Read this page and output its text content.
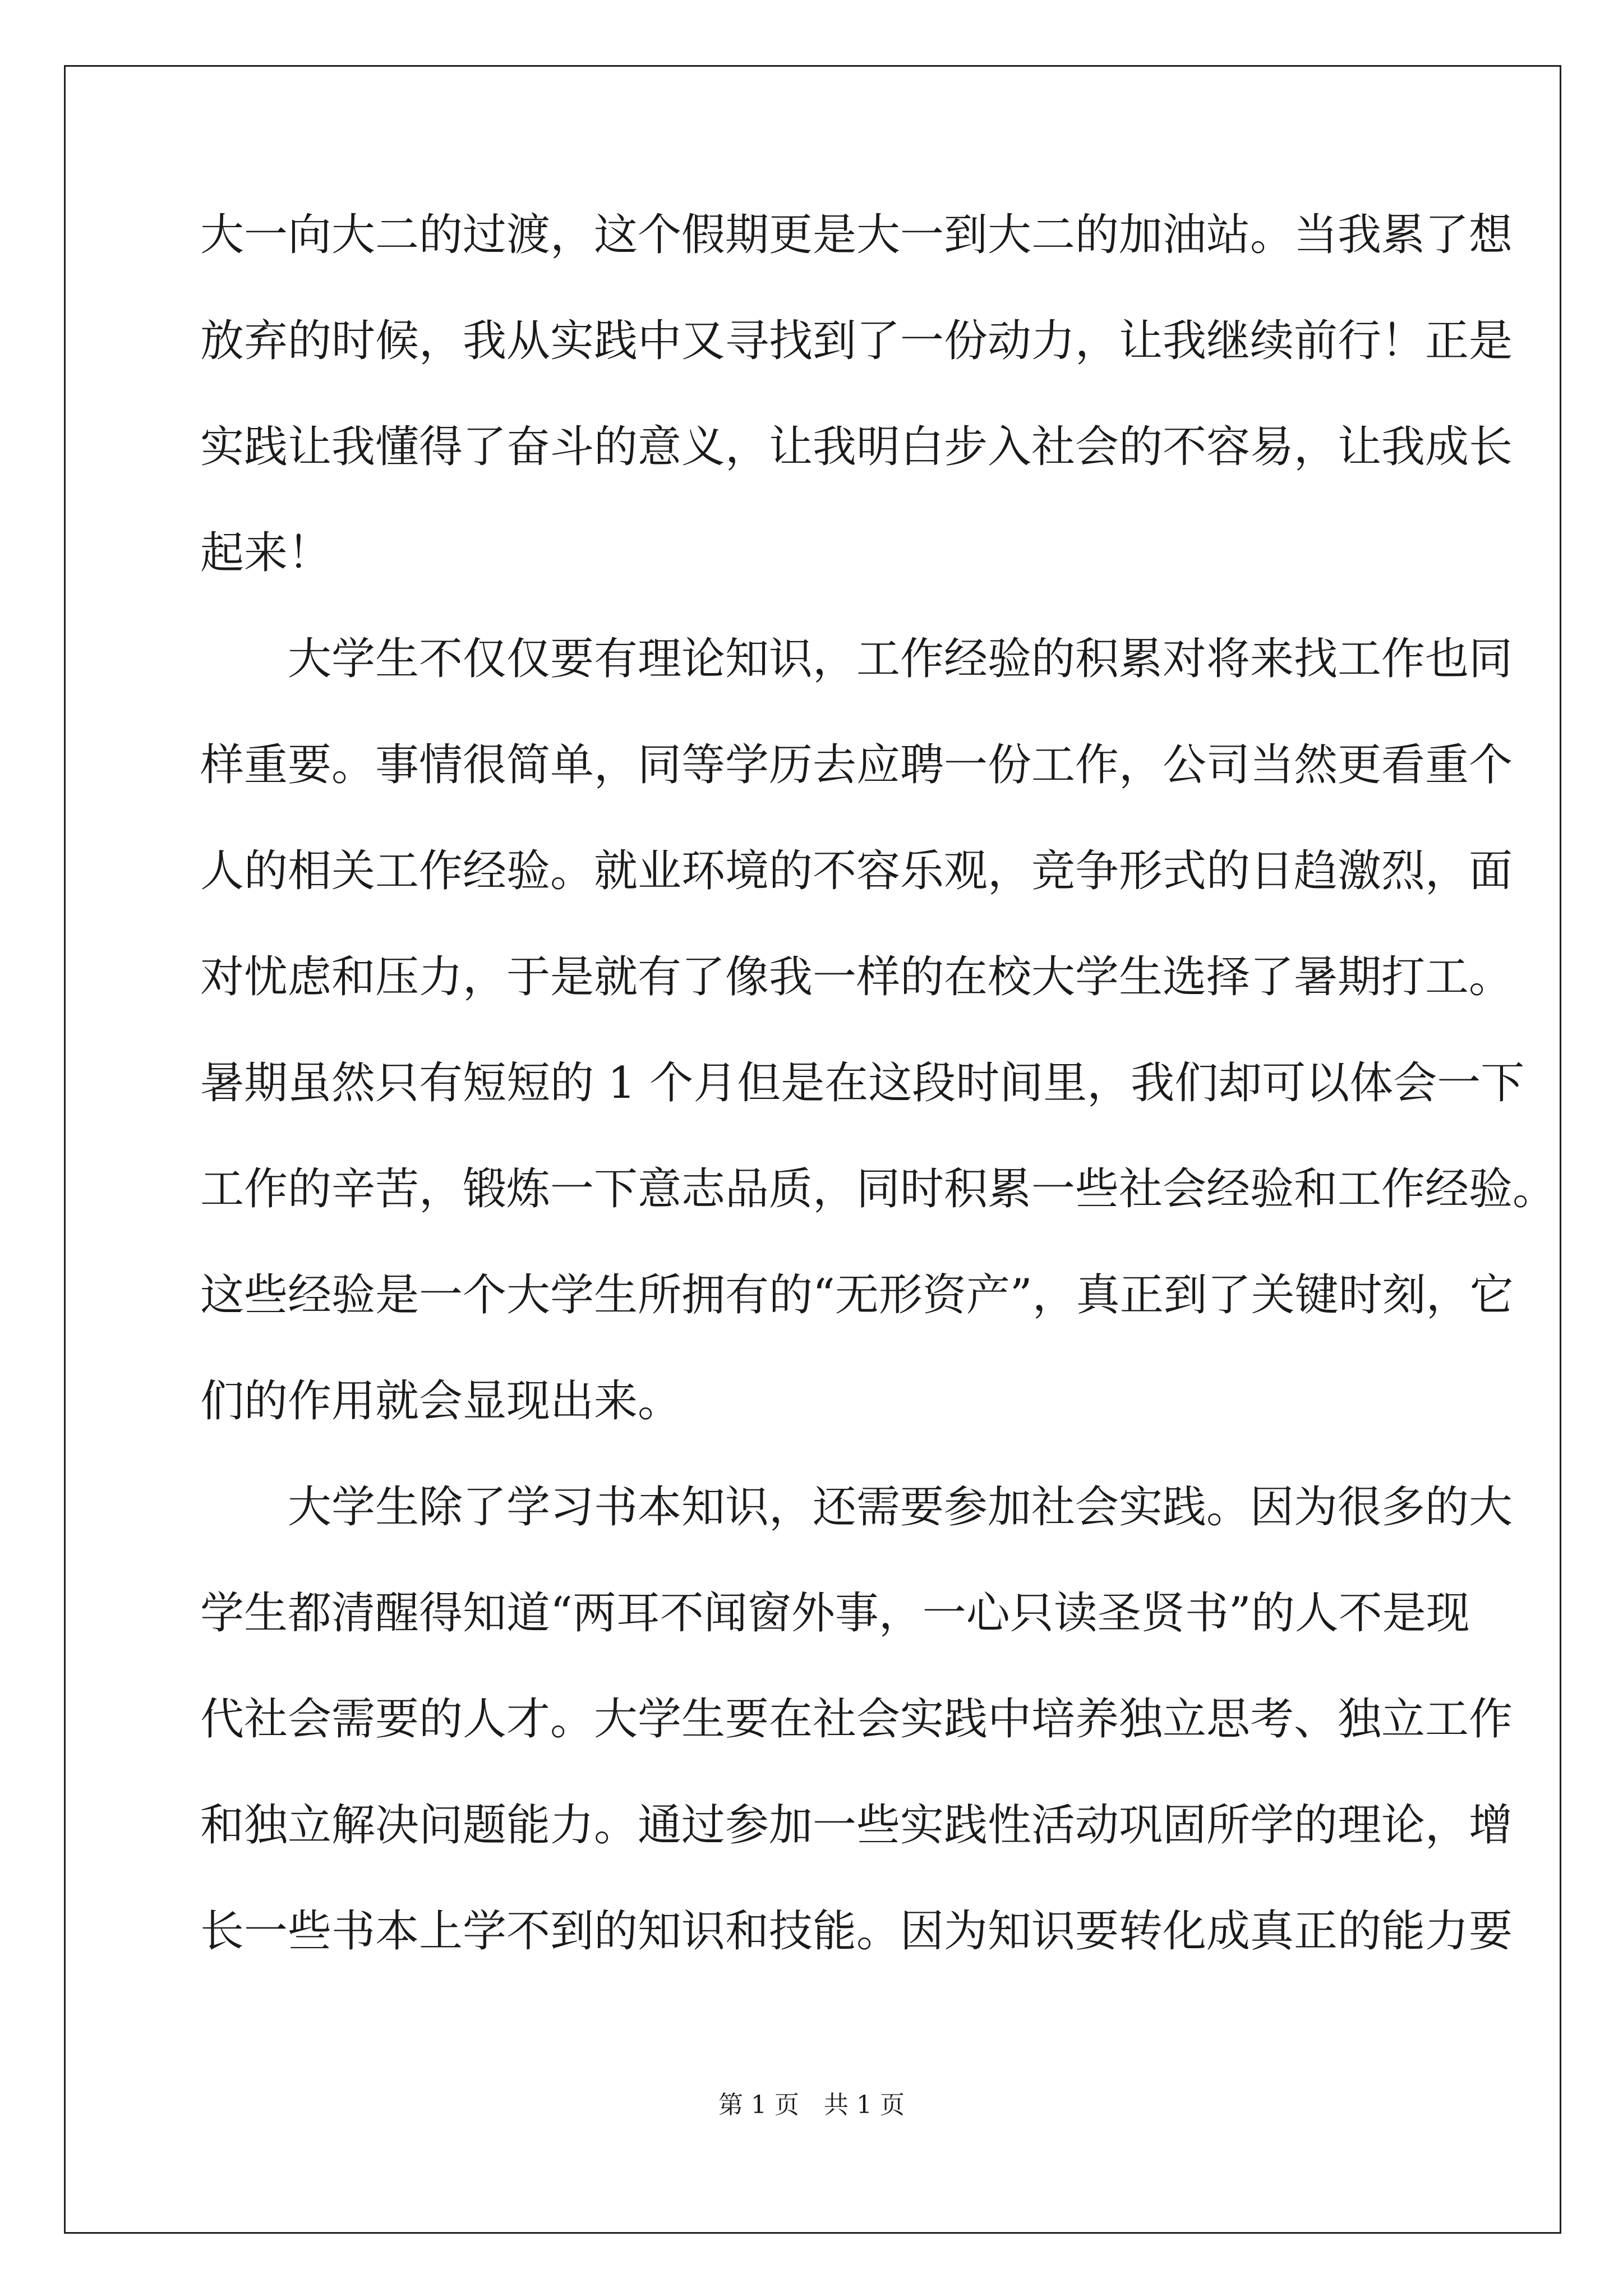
大一向大二的过渡，这个假期更是大一到大二的加油站。当我累了想
放弃的时候，我从实践中又寻找到了一份动力，让我继续前行！正是
实践让我懂得了奋斗的意义，让我明白步入社会的不容易，让我成长
起来！
　　大学生不仅仅要有理论知识，工作经验的积累对将来找工作也同
样重要。事情很简单，同等学历去应聘一份工作，公司当然更看重个
人的相关工作经验。就业环境的不容乐观，竞争形式的日趋激烈，面
对忧虑和压力，于是就有了像我一样的在校大学生选择了暑期打工。
暑期虽然只有短短的 1 个月但是在这段时间里，我们却可以体会一下
工作的辛苦，锻炼一下意志品质，同时积累一些社会经验和工作经验。
这些经验是一个大学生所拥有的“无形资产”，真正到了关键时刻，它
们的作用就会显现出来。
　　大学生除了学习书本知识，还需要参加社会实践。因为很多的大
学生都清醒得知道“两耳不闻窗外事，一心只读圣贤书”的人不是现
代社会需要的人才。大学生要在社会实践中培养独立思考、独立工作
和独立解决问题能力。通过参加一些实践性活动巩固所学的理论，增
长一些书本上学不到的知识和技能。因为知识要转化成真正的能力要
第 1 页　共 1 页
